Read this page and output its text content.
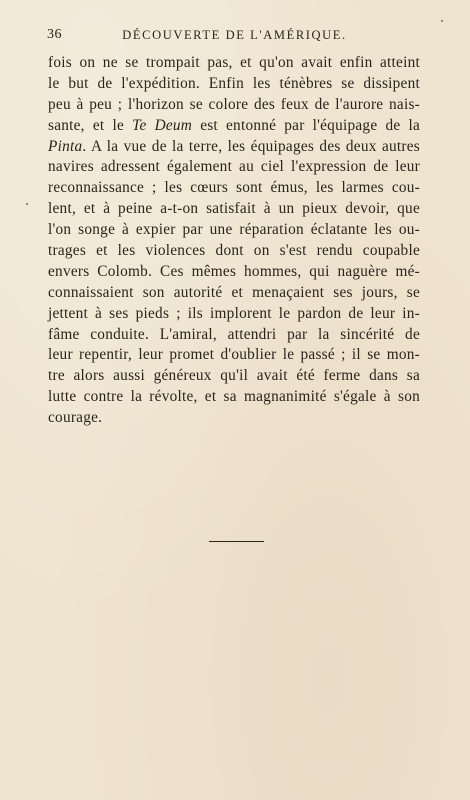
36	DÉCOUVERTE DE L'AMÉRIQUE.

fois on ne se trompait pas, et qu'on avait enfin atteint
le but de l'expédition. Enfin les ténèbres se dissipent
peu à peu ; l'horizon se colore des feux de l'aurore nais-
sante, et le Te Deum est entonné par l'équipage de la
Pinta. A la vue de la terre, les équipages des deux autres
navires adressent également au ciel l'expression de leur
reconnaissance ; les cœurs sont émus, les larmes cou-
lent, et à peine a-t-on satisfait à un pieux devoir, que
l'on songe à expier par une réparation éclatante les ou-
trages et les violences dont on s'est rendu coupable
envers Colomb. Ces mêmes hommes, qui naguère mé-
connaissaient son autorité et menaçaient ses jours, se
jettent à ses pieds ; ils implorent le pardon de leur in-
fâme conduite. L'amiral, attendri par la sincérité de
leur repentir, leur promet d'oublier le passé ; il se mon-
tre alors aussi généreux qu'il avait été ferme dans sa
lutte contre la révolte, et sa magnanimité s'égale à son
courage.
